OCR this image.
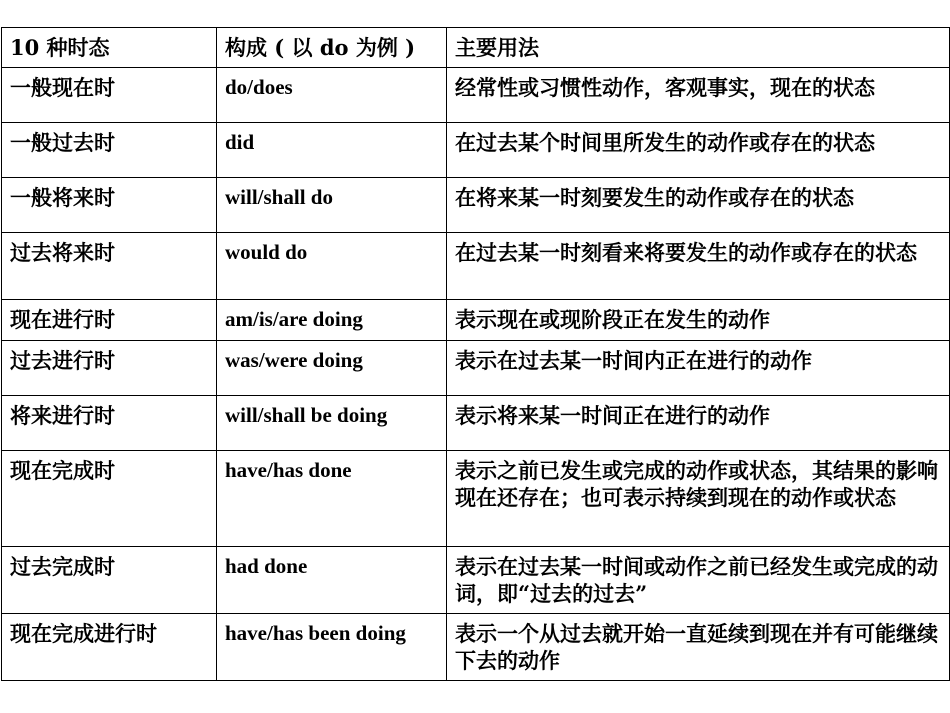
10 种时态	构成 ( 以 do 为例 )	主要用法
一般现在时	do/does	经常性或习惯性动作，客观事实，现在的状态
一般过去时	did	在过去某个时间里所发生的动作或存在的状态
一般将来时	will/shall do	在将来某一时刻要发生的动作或存在的状态
过去将来时	would do	在过去某一时刻看来将要发生的动作或存在的状态
现在进行时	am/is/are doing	表示现在或现阶段正在发生的动作
过去进行时	was/were doing	表示在过去某一时间内正在进行的动作
将来进行时	will/shall be doing	表示将来某一时间正在进行的动作
现在完成时	have/has done	表示之前已发生或完成的动作或状态，其结果的影响现在还存在；也可表示持续到现在的动作或状态
过去完成时	had done	表示在过去某一时间或动作之前已经发生或完成的动词，即“过去的过去”
现在完成进行时	have/has been doing	表示一个从过去就开始一直延续到现在并有可能继续下去的动作
